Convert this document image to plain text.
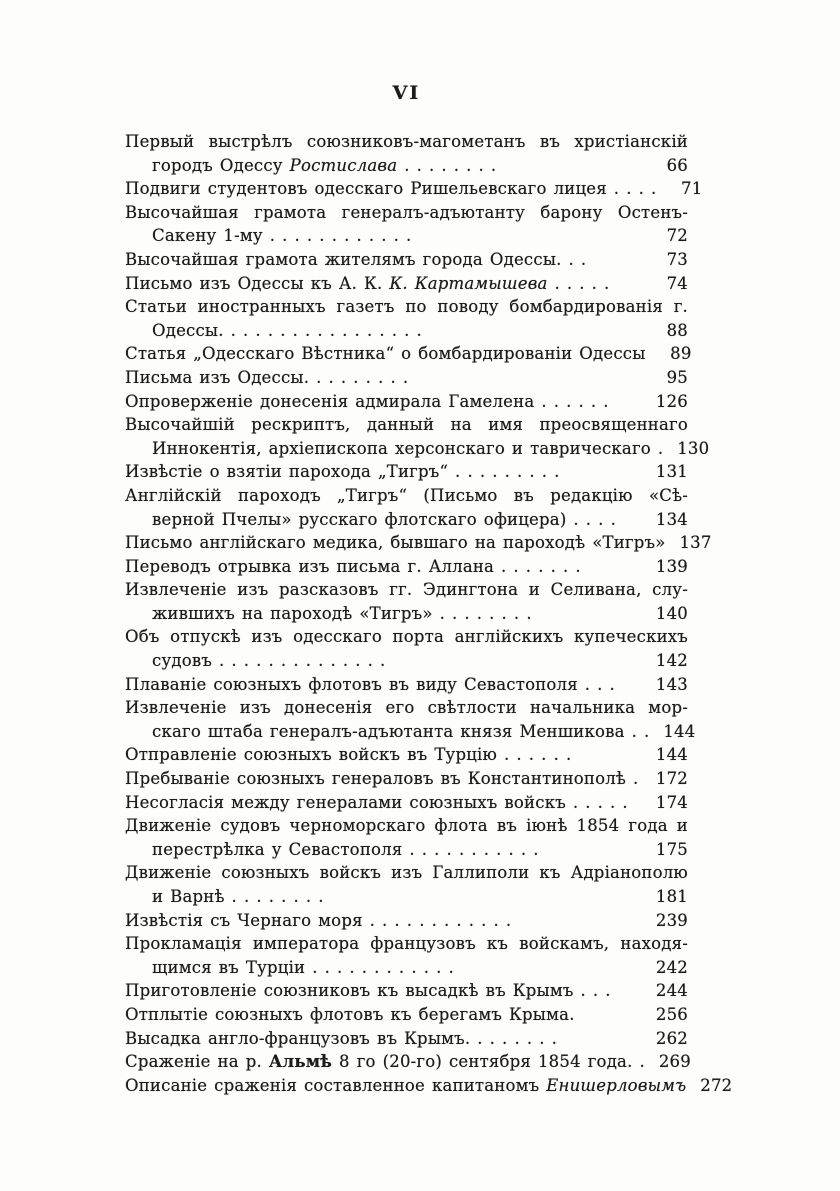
VI
Первый выстрѣлъ союзниковъ-магометанъ въ христіанскій
городъ Одессу Ростислава . . . . . . . .	66
Подвиги студентовъ одесскаго Ришельевскаго лицея . . . .	71
Высочайшая грамота генералъ-адъютанту барону Остенъ-
Сакену 1-му . . . . . . . . . . . .	72
Высочайшая грамота жителямъ города Одессы. . .	73
Письмо изъ Одессы къ А. К. К. Картамышева . . . . .	74
Статьи иностранныхъ газетъ по поводу бомбардированія г.
Одессы. . . . . . . . . . . . . . . . .	88
Статья „Одесскаго Вѣстника“ о бомбардированіи Одессы	89
Письма изъ Одессы. . . . . . . . .	95
Опроверженіе донесенія адмирала Гамелена . . . . . .	126
Высочайшій рескриптъ, данный на имя преосвященнаго
Иннокентія, архіепископа херсонскаго и таврическаго . 130
Извѣстіе о взятіи парохода „Тигръ“ . . . . . . . . .	131
Англійскій пароходъ „Тигръ“ (Письмо въ редакцію «Сѣ-
верной Пчелы» русскаго флотскаго офицера) . . . .	134
Письмо англійскаго медика, бывшаго на пароходѣ «Тигръ» 137
Переводъ отрывка изъ письма г. Аллана . . . . . . .	139
Извлеченіе изъ разсказовъ гг. Эдингтона и Селивана, слу-
жившихъ на пароходѣ «Тигръ» . . . . . . . .	140
Объ отпускѣ изъ одесскаго порта англійскихъ купеческихъ
судовъ . . . . . . . . . . . . . .	142
Плаваніе союзныхъ флотовъ въ виду Севастополя . . .	143
Извлеченіе изъ донесенія его свѣтлости начальника мор-
скаго штаба генералъ-адъютанта князя Меншикова . . 144
Отправленіе союзныхъ войскъ въ Турцію . . . . . .	144
Пребываніе союзныхъ генераловъ въ Константинополѣ .	172
Несогласія между генералами союзныхъ войскъ . . . . .	174
Движеніе судовъ черноморскаго флота въ іюнѣ 1854 года и
перестрѣлка у Севастополя . . . . . . . . . . .	175
Движеніе союзныхъ войскъ изъ Галлиполи къ Адріанополю
и Варнѣ . . . . . . . .	181
Извѣстія съ Чернаго моря . . . . . . . . . . . .	239
Прокламація императора французовъ къ войскамъ, находя-
щимся въ Турціи . . . . . . . . . . . .	242
Приготовленіе союзниковъ къ высадкѣ въ Крымъ . . .	244
Отплытіе союзныхъ флотовъ къ берегамъ Крыма.	256
Высадка англо-французовъ въ Крымъ. . . . . . . .	262
Сраженіе на р. Альмѣ 8 го (20-го) сентября 1854 года. . 269
Описаніе сраженія составленное капитаномъ Енишерловымъ 272
